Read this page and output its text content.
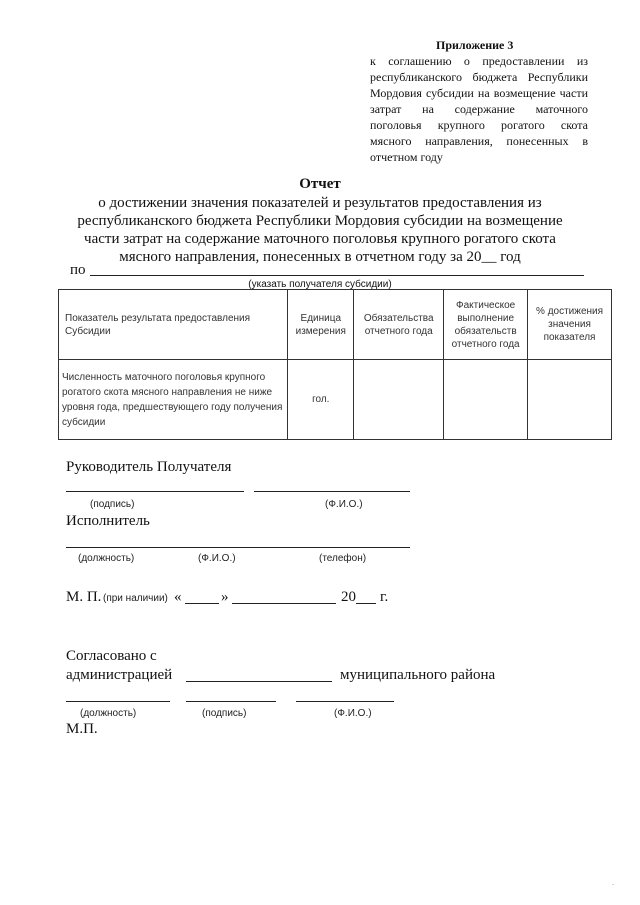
Приложение 3
к соглашению о предоставлении из республиканского бюджета Республики Мордовия субсидии на возмещение части затрат на содержание маточного поголовья крупного рогатого скота мясного направления, понесенных в отчетном году
Отчет
о достижении значения показателей и результатов предоставления из
республиканского бюджета Республики Мордовия субсидии на возмещение
части затрат на содержание маточного поголовья крупного рогатого скота
мясного направления, понесенных в отчетном году за 20__ год
по
(указать получателя субсидии)
Показатель результата предоставления Субсидии	Единица измерения	Обязательства отчетного года	Фактическое выполнение обязательств отчетного года	% достижения значения показателя
Численность маточного поголовья крупного рогатого скота мясного направления не ниже уровня года, предшествующего году получения субсидии	гол.			
Руководитель Получателя
(подпись)	(Ф.И.О.)
Исполнитель
(должность)	(Ф.И.О.)	(телефон)
М. П. (при наличии) «	»	20 г.
Согласовано с
администрацией	муниципального района
(должность)	(подпись)	(Ф.И.О.)
М.П.
.
